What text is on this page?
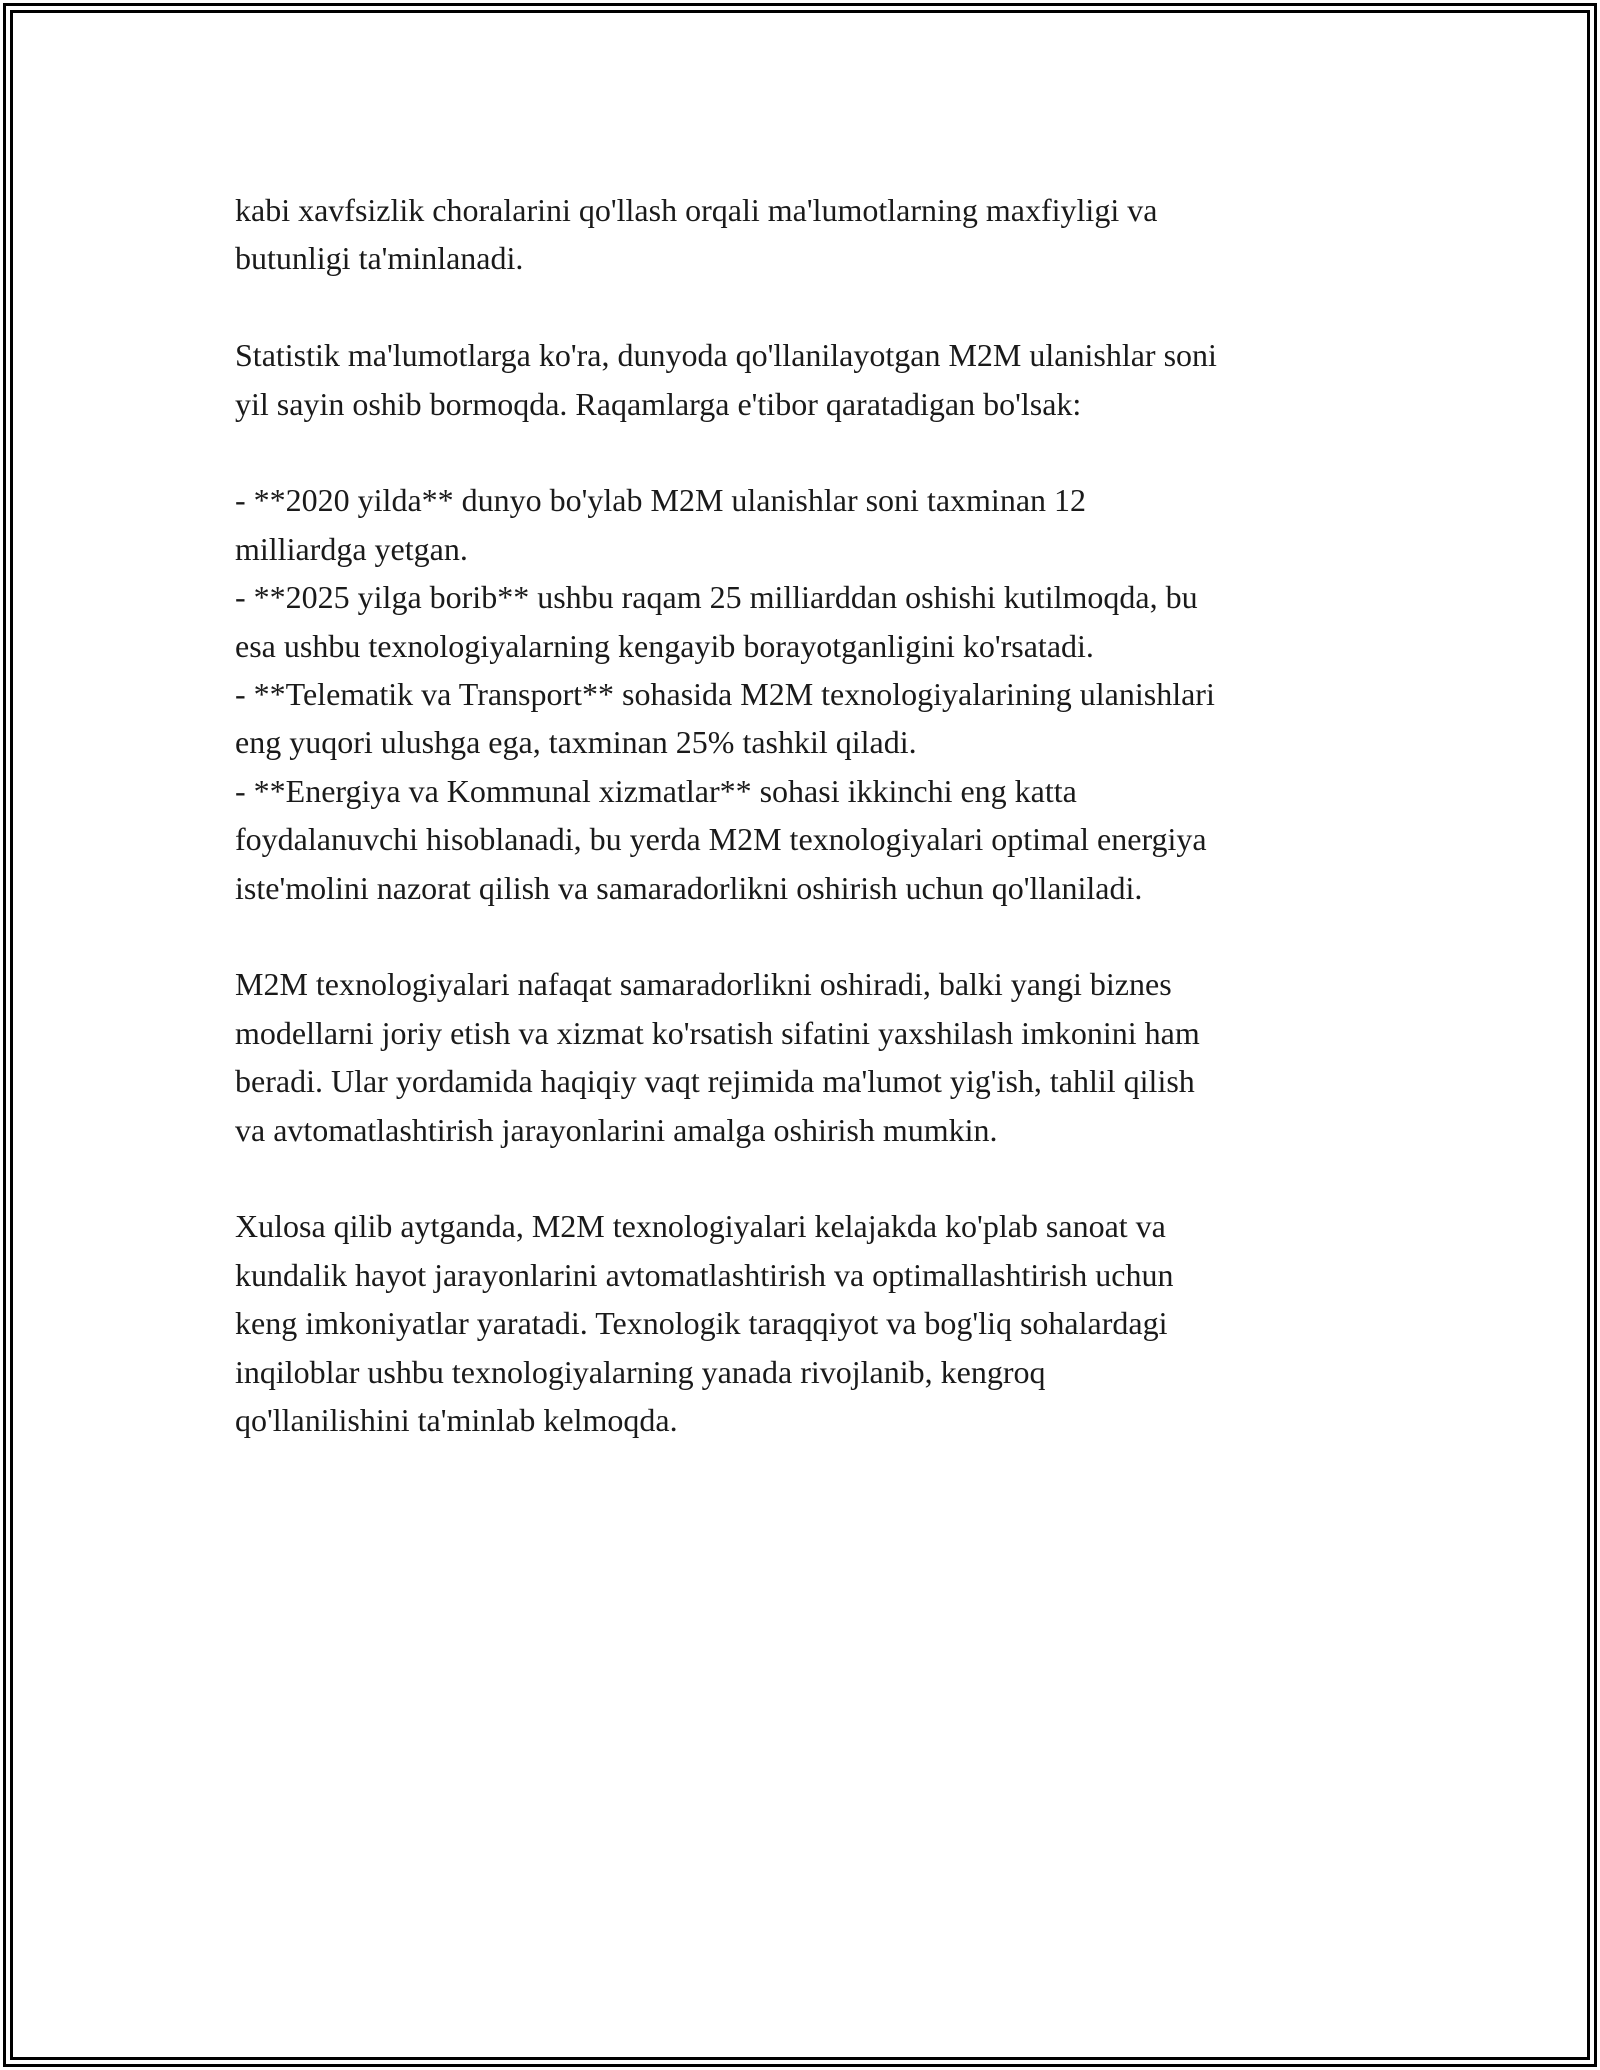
kabi xavfsizlik choralarini qo'llash orqali ma'lumotlarning maxfiyligi va
butunligi ta'minlanadi.

Statistik ma'lumotlarga ko'ra, dunyoda qo'llanilayotgan M2M ulanishlar soni
yil sayin oshib bormoqda. Raqamlarga e'tibor qaratadigan bo'lsak:

- **2020 yilda** dunyo bo'ylab M2M ulanishlar soni taxminan 12
milliardga yetgan.
- **2025 yilga borib** ushbu raqam 25 milliarddan oshishi kutilmoqda, bu
esa ushbu texnologiyalarning kengayib borayotganligini ko'rsatadi.
- **Telematik va Transport** sohasida M2M texnologiyalarining ulanishlari
eng yuqori ulushga ega, taxminan 25% tashkil qiladi.
- **Energiya va Kommunal xizmatlar** sohasi ikkinchi eng katta
foydalanuvchi hisoblanadi, bu yerda M2M texnologiyalari optimal energiya
iste'molini nazorat qilish va samaradorlikni oshirish uchun qo'llaniladi.

M2M texnologiyalari nafaqat samaradorlikni oshiradi, balki yangi biznes
modellarni joriy etish va xizmat ko'rsatish sifatini yaxshilash imkonini ham
beradi. Ular yordamida haqiqiy vaqt rejimida ma'lumot yig'ish, tahlil qilish
va avtomatlashtirish jarayonlarini amalga oshirish mumkin.

Xulosa qilib aytganda, M2M texnologiyalari kelajakda ko'plab sanoat va
kundalik hayot jarayonlarini avtomatlashtirish va optimallashtirish uchun
keng imkoniyatlar yaratadi. Texnologik taraqqiyot va bog'liq sohalardagi
inqiloblar ushbu texnologiyalarning yanada rivojlanib, kengroq
qo'llanilishini ta'minlab kelmoqda.
